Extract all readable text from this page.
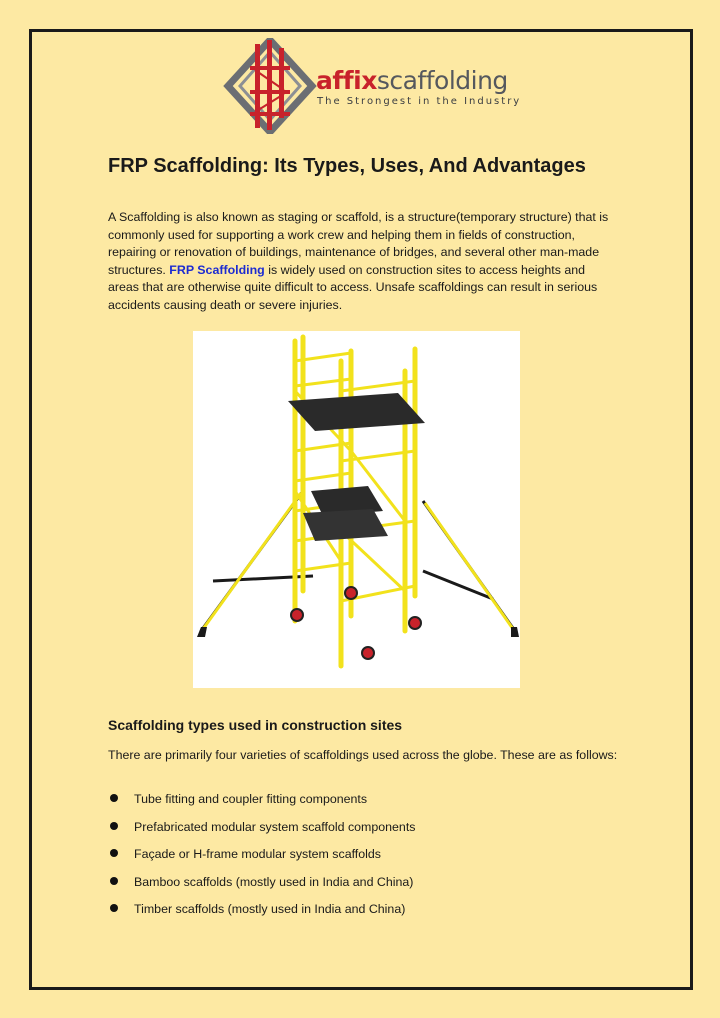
affixscaffolding
The Strongest in the Industry
FRP Scaffolding: Its Types, Uses, And Advantages

A Scaffolding is also known as staging or scaffold, is a structure(temporary structure) that is commonly used for supporting a work crew and helping them in fields of construction, repairing or renovation of buildings, maintenance of bridges, and several other man-made structures. FRP Scaffolding is widely used on construction sites to access heights and areas that are otherwise quite difficult to access. Unsafe scaffoldings can result in serious accidents causing death or severe injuries.

Scaffolding types used in construction sites

There are primarily four varieties of scaffoldings used across the globe. These are as follows:

Tube fitting and coupler fitting components
Prefabricated modular system scaffold components
Façade or H-frame modular system scaffolds
Bamboo scaffolds (mostly used in India and China)
Timber scaffolds (mostly used in India and China)
